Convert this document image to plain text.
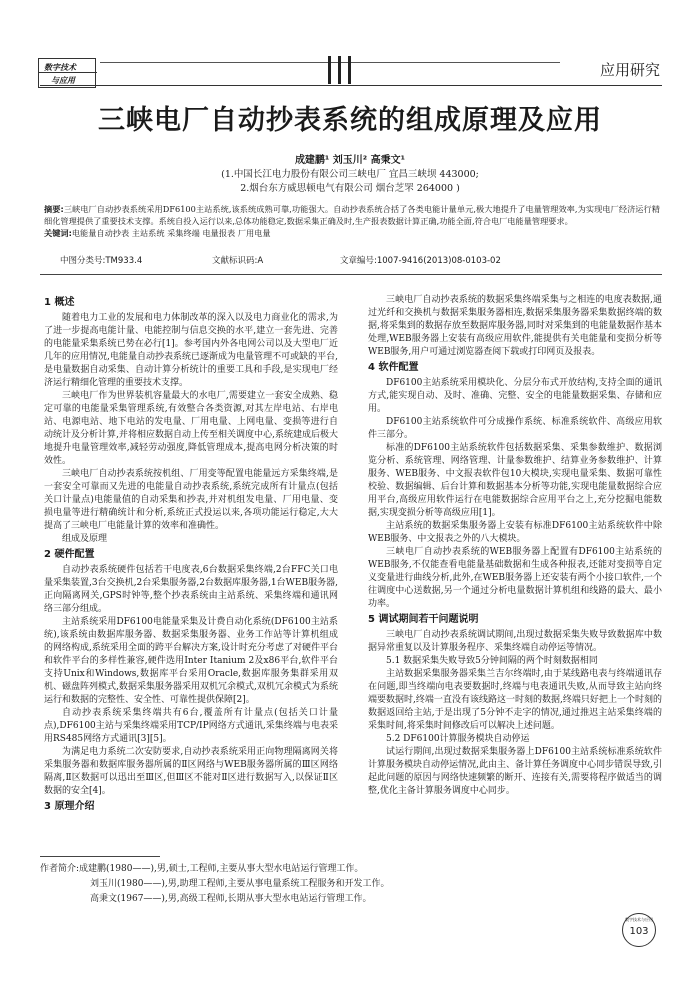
数字技术
与应用
应用研究
三峡电厂自动抄表系统的组成原理及应用
成建鹏¹ 刘玉川² 高秉文¹
(1.中国长江电力股份有限公司三峡电厂 宜昌三峡坝 443000;
2.烟台东方威思顿电气有限公司 烟台芝罘 264000 )
摘要:三峡电厂自动抄表系统采用DF6100主站系统,该系统成熟可靠,功能强大。自动抄表系统合括了各类电能计量单元,极大地提升了电量管理效率,为实现电厂经济运行精细化管理提供了重要技术支撑。系统自投入运行以来,总体功能稳定,数据采集正确及时,生产报表数据计算正确,功能全面,符合电厂电能量管理要求。
关键词:电能量自动抄表 主站系统 采集终端 电量报表 厂用电量
中图分类号:TM933.4	文献标识码:A	文章编号:1007-9416(2013)08-0103-02
1 概述

随着电力工业的发展和电力体制改革的深入以及电力商业化的需求,为了进一步提高电能计量、电能控制与信息交换的水平,建立一套先进、完善的电能量采集系统已势在必行[1]。参考国内外各电网公司以及大型电厂近几年的应用情况,电能量自动抄表系统已逐渐成为电量管理不可或缺的平台,是电量数据自动采集、自动计算分析统计的重要工具和手段,是实现电厂经济运行精细化管理的重要技术支撑。

三峡电厂作为世界装机容量最大的水电厂,需要建立一套安全成熟、稳定可靠的电能量采集管理系统,有效整合各类资源,对其左岸电站、右岸电站、电源电站、地下电站的发电量、厂用电量、上网电量、变损等进行自动统计及分析计算,并将相应数据自动上传至相关调度中心,系统建成后极大地提升电量管理效率,减轻劳动强度,降低管理成本,提高电网分析决策的时效性。

三峡电厂自动抄表系统按机组、厂用变等配置电能量远方采集终端,是一套安全可靠而又先进的电能量自动抄表系统,系统完成所有计量点(包括关口计量点)电能量值的自动采集和抄表,并对机组发电量、厂用电量、变损电量等进行精确统计和分析,系统正式投运以来,各项功能运行稳定,大大提高了三峡电厂电能量计算的效率和准确性。

组成及原理

2 硬件配置

自动抄表系统硬件包括若干电度表,6台数据采集终端,2台FFC关口电量采集装置,3台交换机,2台采集服务器,2台数据库服务器,1台WEB服务器,正向隔离网关,GPS时钟等,整个抄表系统由主站系统、采集终端和通讯网络三部分组成。

主站系统采用DF6100电能量采集及计费自动化系统(DF6100主站系统),该系统由数据库服务器、数据采集服务器、业务工作站等计算机组成的网络构成,系统采用全面的跨平台解决方案,设计时充分考虑了对硬件平台和软件平台的多样性兼容,硬件选用Inter Itanium 2及x86平台,软件平台支持Unix和Windows,数据库平台采用Oracle,数据库服务集群采用双机、磁盘阵列模式,数据采集服务器采用双机冗余模式,双机冗余模式为系统运行和数据的完整性、安全性、可靠性提供保障[2]。

自动抄表系统采集终端共有6台,覆盖所有计量点(包括关口计量点),DF6100主站与采集终端采用TCP/IP网络方式通讯,采集终端与电表采用RS485网络方式通讯[3][5]。

为满足电力系统二次安防要求,自动抄表系统采用正向物理隔离网关将采集服务器和数据库服务器所属的Ⅱ区网络与WEB服务器所属的Ⅲ区网络隔离,Ⅱ区数据可以迅出至Ⅲ区,但Ⅲ区不能对Ⅱ区进行数据写入,以保证Ⅱ区数据的安全[4]。

3 原理介绍

三峡电厂自动抄表系统的数据采集终端采集与之相连的电度表数据,通过光纤和交换机与数据采集服务器相连,数据采集服务器采集数据终端的数据,将采集到的数据存放至数据库服务器,同时对采集到的电能量数据作基本处理,WEB服务器上安装有高级应用软件,能提供有关电能量和变损分析等WEB服务,用户可通过浏览器查阅下载或打印网页及报表。

4 软件配置

DF6100主站系统采用模块化、分层分布式开放结构,支持全面的通讯方式,能实现自动、及时、准确、完整、安全的电能量数据采集、存储和应用。

DF6100主站系统软件可分成操作系统、标准系统软件、高级应用软件三部分。

标准的DF6100主站系统软件包括数据采集、采集参数维护、数据浏览分析、系统管理、网络管理、计量参数维护、结算业务参数维护、计算服务、WEB服务、中文报表软件包10大模块,实现电量采集、数据可靠性校验、数据编辑、后台计算和数据基本分析等功能,实现电能量数据综合应用平台,高级应用软件运行在电能数据综合应用平台之上,充分挖掘电能数据,实现变损分析等高级应用[1]。

主站系统的数据采集服务器上安装有标准DF6100主站系统软件中除WEB服务、中文报表之外的八大模块。

三峡电厂自动抄表系统的WEB服务器上配置有DF6100主站系统的WEB服务,不仅能查看电能量基础数据和生成各种报表,还能对变损等自定义变量进行曲线分析,此外,在WEB服务器上还安装有两个小接口软件,一个往调度中心送数据,另一个通过分析电量数据计算机组和线路的最大、最小功率。

5 调试期间若干问题说明

三峡电厂自动抄表系统调试期间,出现过数据采集失败导致数据库中数据异常重复以及计算服务程序、采集终端自动停运等情况。

5.1 数据采集失败导致5分钟间隔的两个时刻数据相同

主站数据采集服务器采集兰吉尔终端时,由于某线路电表与终端通讯存在问题,即当终端向电表要数据时,终端与电表通讯失败,从而导致主站向终端要数据时,终端一直没有该线路这一时刻的数据,终端只好把上一个时刻的数据返回给主站,于是出现了5分钟不走字的情况,通过推迟主站采集终端的采集时间,将采集时间修改后可以解决上述问题。

5.2 DF6100计算服务模块自动停运

试运行期间,出现过数据采集服务器上DF6100主站系统标准系统软件计算服务模块自动停运情况,此由主、备计算任务调度中心同步错误导致,引起此问题的原因与网络快速频繁的断开、连接有关,需要将程序做适当的调整,优化主备计算服务调度中心同步。

作者简介:成建鹏(1980——),男,硕士,工程师,主要从事大型水电站运行管理工作。
刘玉川(1980——),男,助理工程师,主要从事电量系统工程服务和开发工作。
高秉文(1967——),男,高级工程师,长期从事大型水电站运行管理工作。
数字技术与应用
103
